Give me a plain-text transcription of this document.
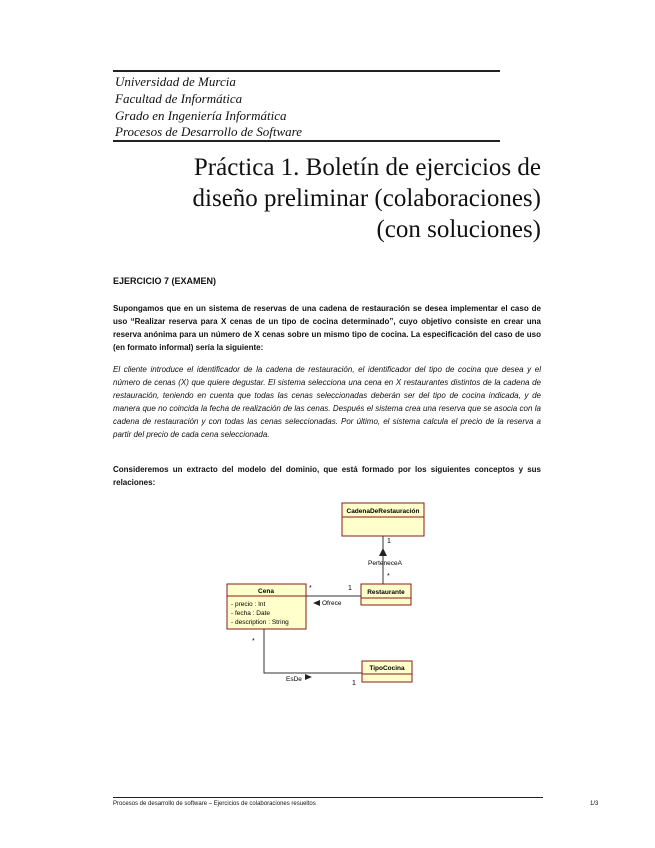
Universidad de Murcia
Facultad de Informática
Grado en Ingeniería Informática
Procesos de Desarrollo de Software
Práctica 1. Boletín de ejercicios de
diseño preliminar (colaboraciones)
(con soluciones)
EJERCICIO 7 (EXAMEN)
Supongamos que en un sistema de reservas de una cadena de restauración se desea implementar el caso de uso “Realizar reserva para X cenas de un tipo de cocina determinado”, cuyo objetivo consiste en crear una reserva anónima para un número de X cenas sobre un mismo tipo de cocina. La especificación del caso de uso (en formato informal) sería la siguiente:
El cliente introduce el identificador de la cadena de restauración, el identificador del tipo de cocina que desea y el número de cenas (X) que quiere degustar. El sistema selecciona una cena en X restaurantes distintos de la cadena de restauración, teniendo en cuenta que todas las cenas seleccionadas deberán ser del tipo de cocina indicada, y de manera que no coincida la fecha de realización de las cenas. Después el sistema crea una reserva que se asocia con la cadena de restauración y con todas las cenas seleccionadas. Por último, el sistema calcula el precio de la reserva a partir del precio de cada cena seleccionada.
Consideremos un extracto del modelo del dominio, que está formado por los siguientes conceptos y sus relaciones:
CadenaDeRestauración
1
PerteneceA
*
Restaurante
*	1
Ofrece
Cena
- precio : Int
- fecha : Date
- description : String
*
EsDe
1
TipoCocina
Procesos de desarrollo de software – Ejercicios de colaboraciones resueltos	1/3
